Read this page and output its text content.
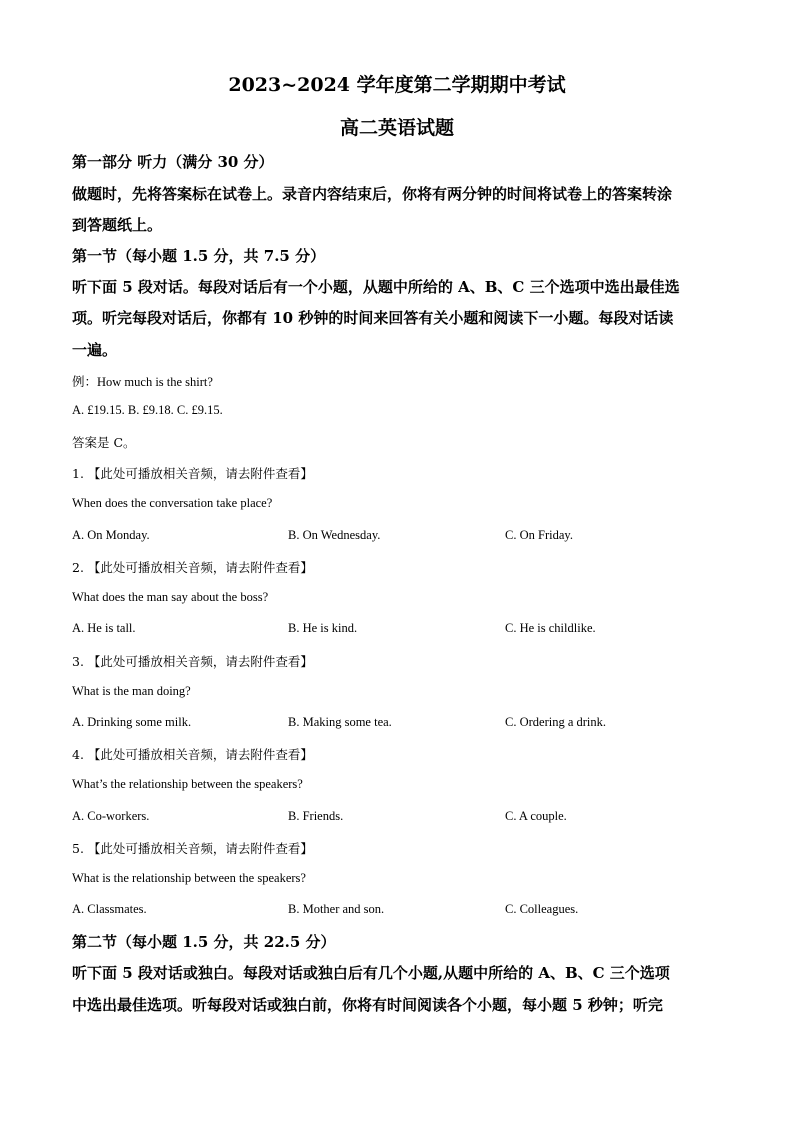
2023~2024 学年度第二学期期中考试
高二英语试题
第一部分 听力（满分 30 分）
做题时，先将答案标在试卷上。录音内容结束后，你将有两分钟的时间将试卷上的答案转涂
到答题纸上。
第一节（每小题 1.5 分，共 7.5 分）
听下面 5 段对话。每段对话后有一个小题，从题中所给的 A、B、C 三个选项中选出最佳选
项。听完每段对话后，你都有 10 秒钟的时间来回答有关小题和阅读下一小题。每段对话读
一遍。
例：How much is the shirt?
A. £19.15. B. £9.18. C. £9.15.
答案是 C。
1. 【此处可播放相关音频，请去附件查看】
When does the conversation take place?
A. On Monday.	B. On Wednesday.	C. On Friday.
2. 【此处可播放相关音频，请去附件查看】
What does the man say about the boss?
A. He is tall.	B. He is kind.	C. He is childlike.
3. 【此处可播放相关音频，请去附件查看】
What is the man doing?
A. Drinking some milk.	B. Making some tea.	C. Ordering a drink.
4. 【此处可播放相关音频，请去附件查看】
What’s the relationship between the speakers?
A. Co-workers.	B. Friends.	C. A couple.
5. 【此处可播放相关音频，请去附件查看】
What is the relationship between the speakers?
A. Classmates.	B. Mother and son.	C. Colleagues.
第二节（每小题 1.5 分，共 22.5 分）
听下面 5 段对话或独白。每段对话或独白后有几个小题,从题中所给的 A、B、C 三个选项
中选出最佳选项。听每段对话或独白前，你将有时间阅读各个小题，每小题 5 秒钟；听完
